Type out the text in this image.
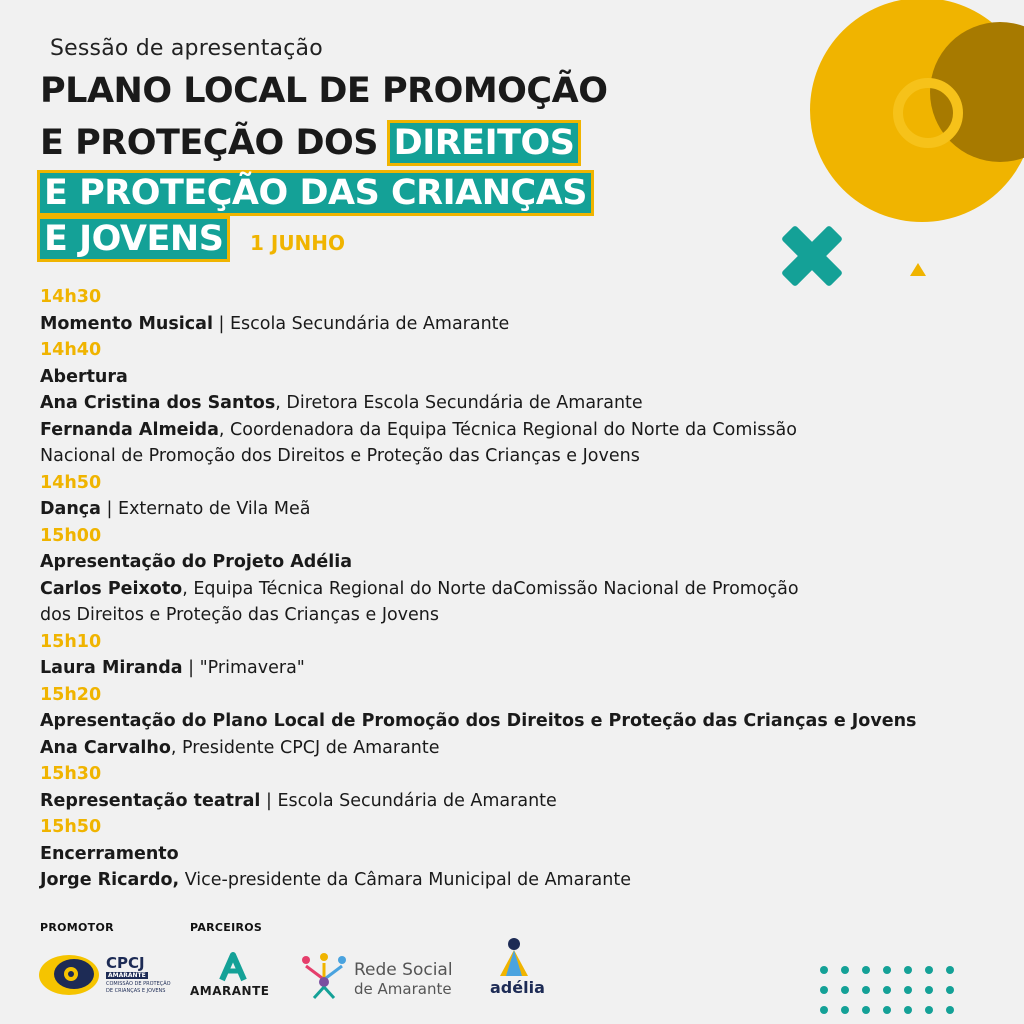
Sessão de apresentação
PLANO LOCAL DE PROMOÇÃO
E PROTEÇÃO DOS DIREITOS
E PROTEÇÃO DAS CRIANÇAS
E JOVENS 1 JUNHO
14h30
Momento Musical | Escola Secundária de Amarante
14h40
Abertura
Ana Cristina dos Santos, Diretora Escola Secundária de Amarante
Fernanda Almeida, Coordenadora da Equipa Técnica Regional do Norte da Comissão
Nacional de Promoção dos Direitos e Proteção das Crianças e Jovens
14h50
Dança | Externato de Vila Meã
15h00
Apresentação do Projeto Adélia
Carlos Peixoto, Equipa Técnica Regional do Norte daComissão Nacional de Promoção
dos Direitos e Proteção das Crianças e Jovens
15h10
Laura Miranda | "Primavera"
15h20
Apresentação do Plano Local de Promoção dos Direitos e Proteção das Crianças e Jovens
Ana Carvalho, Presidente CPCJ de Amarante
15h30
Representação teatral | Escola Secundária de Amarante
15h50
Encerramento
Jorge Ricardo, Vice-presidente da Câmara Municipal de Amarante
PROMOTOR	PARCEIROS
CPCJ
AMARANTE
COMISSÃO DE PROTEÇÃO
DE CRIANÇAS E JOVENS AMARANTE
Rede Social
de Amarante adélia
